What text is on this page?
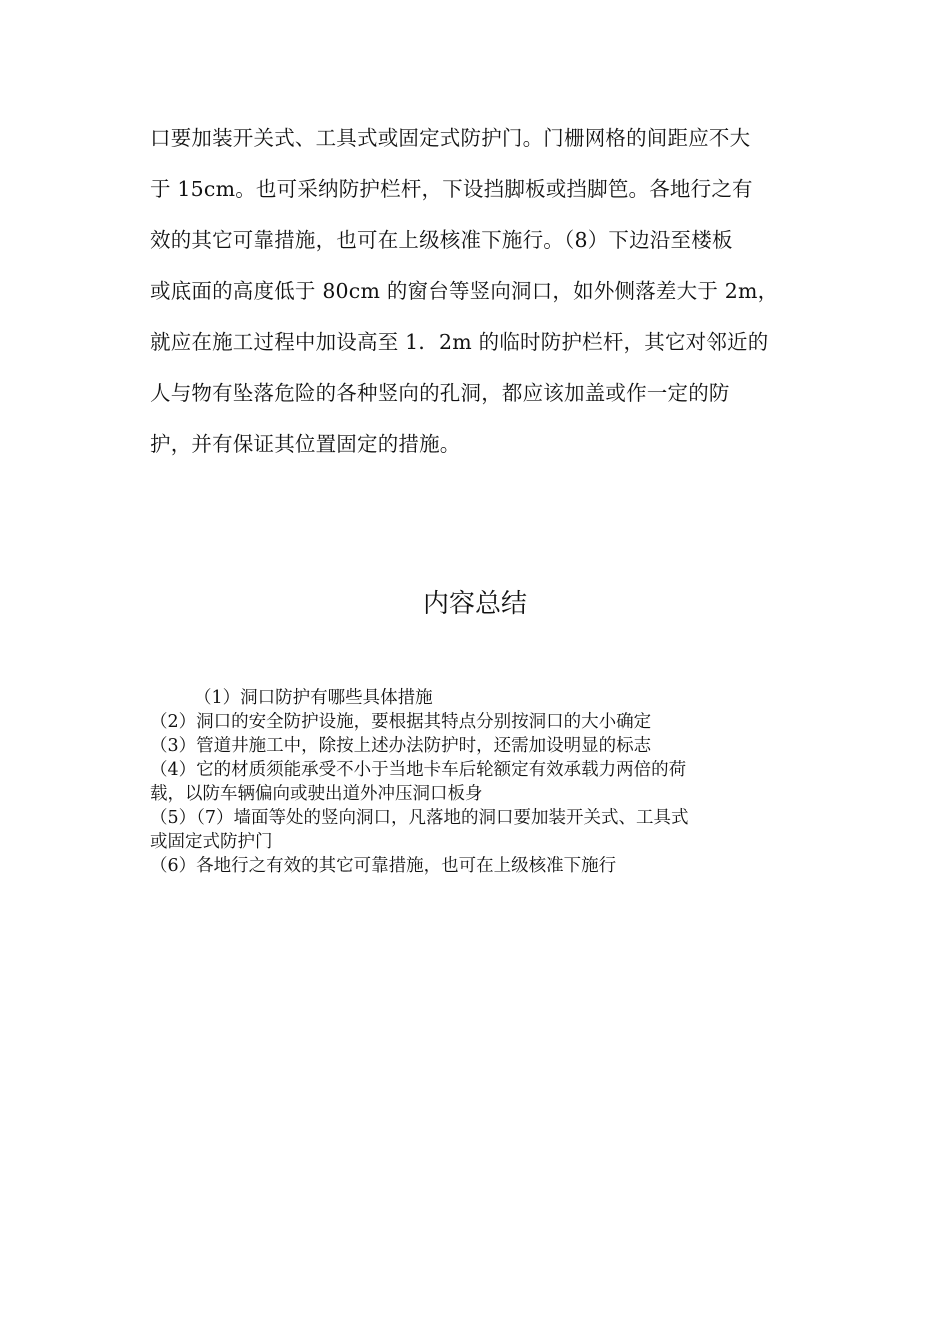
口要加装开关式、工具式或固定式防护门。门栅网格的间距应不大
于 15cm。也可采纳防护栏杆，下设挡脚板或挡脚笆。各地行之有
效的其它可靠措施，也可在上级核准下施行。（8）下边沿至楼板
或底面的高度低于 80cm 的窗台等竖向洞口，如外侧落差大于 2m，
就应在施工过程中加设高至 1．2m 的临时防护栏杆，其它对邻近的
人与物有坠落危险的各种竖向的孔洞，都应该加盖或作一定的防
护，并有保证其位置固定的措施。
内容总结
（1）洞口防护有哪些具体措施
（2）洞口的安全防护设施，要根据其特点分别按洞口的大小确定
（3）管道井施工中，除按上述办法防护时，还需加设明显的标志
（4）它的材质须能承受不小于当地卡车后轮额定有效承载力两倍的荷
载，以防车辆偏向或驶出道外冲压洞口板身
（5）（7）墙面等处的竖向洞口，凡落地的洞口要加装开关式、工具式
或固定式防护门
（6）各地行之有效的其它可靠措施，也可在上级核准下施行
